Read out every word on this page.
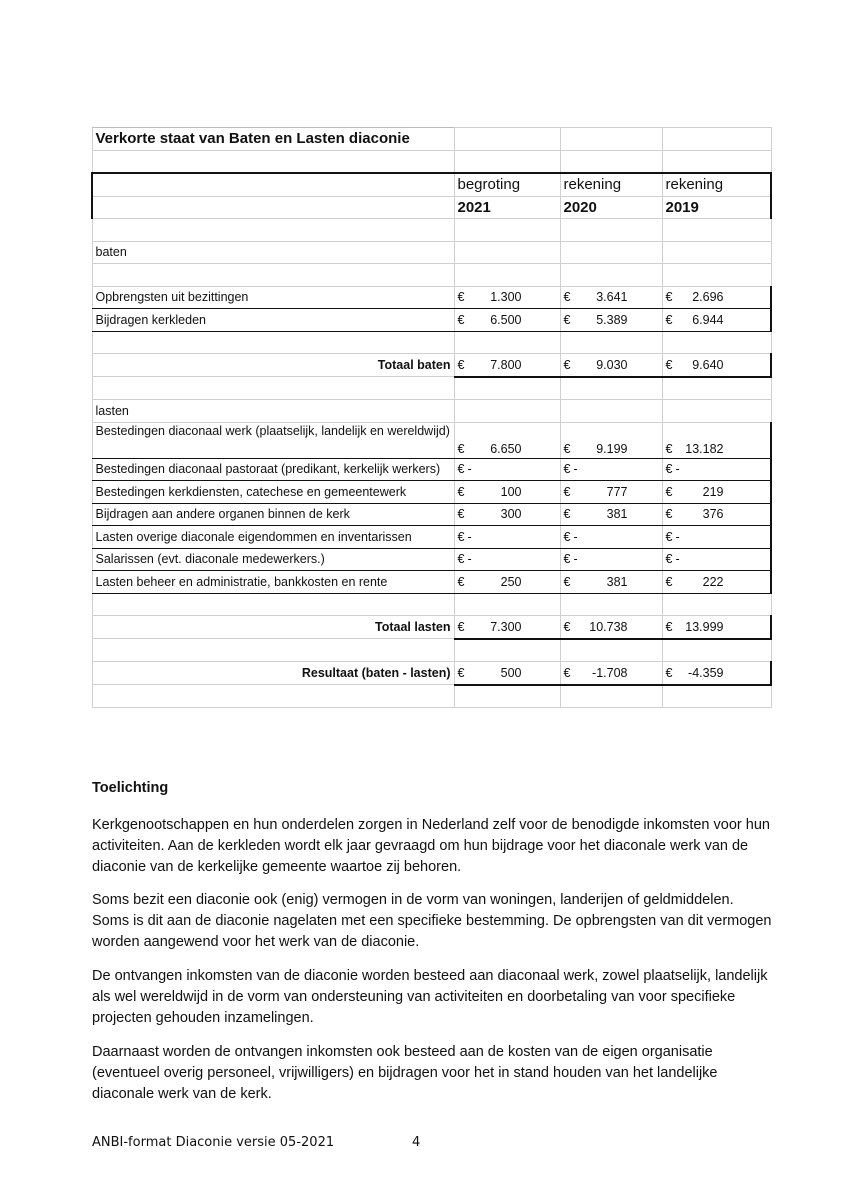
Verkorte staat van Baten en Lasten diaconie			

	begroting	rekening	rekening
	2021	2020	2019

baten			

Opbrengsten uit bezittingen	€ 1.300	€ 3.641	€ 2.696
Bijdragen kerkleden	€ 6.500	€ 5.389	€ 6.944

Totaal baten	€ 7.800	€ 9.030	€ 9.640

lasten			
Bestedingen diaconaal werk (plaatselijk, landelijk en wereldwijd)	€ 6.650	€ 9.199	€ 13.182
Bestedingen diaconaal pastoraat (predikant, kerkelijk werkers)	€ -	€ -	€ -
Bestedingen kerkdiensten, catechese en gemeentewerk	€ 100	€ 777	€ 219
Bijdragen aan andere organen binnen de kerk	€ 300	€ 381	€ 376
Lasten overige diaconale eigendommen en inventarissen	€ -	€ -	€ -
Salarissen (evt. diaconale medewerkers.)	€ -	€ -	€ -
Lasten beheer en administratie, bankkosten en rente	€ 250	€ 381	€ 222

Totaal lasten	€ 7.300	€ 10.738	€ 13.999

Resultaat (baten - lasten)	€ 500	€ -1.708	€ -4.359

Toelichting

Kerkgenootschappen en hun onderdelen zorgen in Nederland zelf voor de benodigde inkomsten voor hun activiteiten. Aan de kerkleden wordt elk jaar gevraagd om hun bijdrage voor het diaconale werk van de diaconie van de kerkelijke gemeente waartoe zij behoren.

Soms bezit een diaconie ook (enig) vermogen in de vorm van woningen, landerijen of geldmiddelen. Soms is dit aan de diaconie nagelaten met een specifieke bestemming. De opbrengsten van dit vermogen worden aangewend voor het werk van de diaconie.

De ontvangen inkomsten van de diaconie worden besteed aan diaconaal werk, zowel plaatselijk, landelijk als wel wereldwijd in de vorm van ondersteuning van activiteiten en doorbetaling van voor specifieke projecten gehouden inzamelingen.

Daarnaast worden de ontvangen inkomsten ook besteed aan de kosten van de eigen organisatie (eventueel overig personeel, vrijwilligers) en bijdragen voor het in stand houden van het landelijke diaconale werk van de kerk.

ANBI-format Diaconie versie 05-2021	4
